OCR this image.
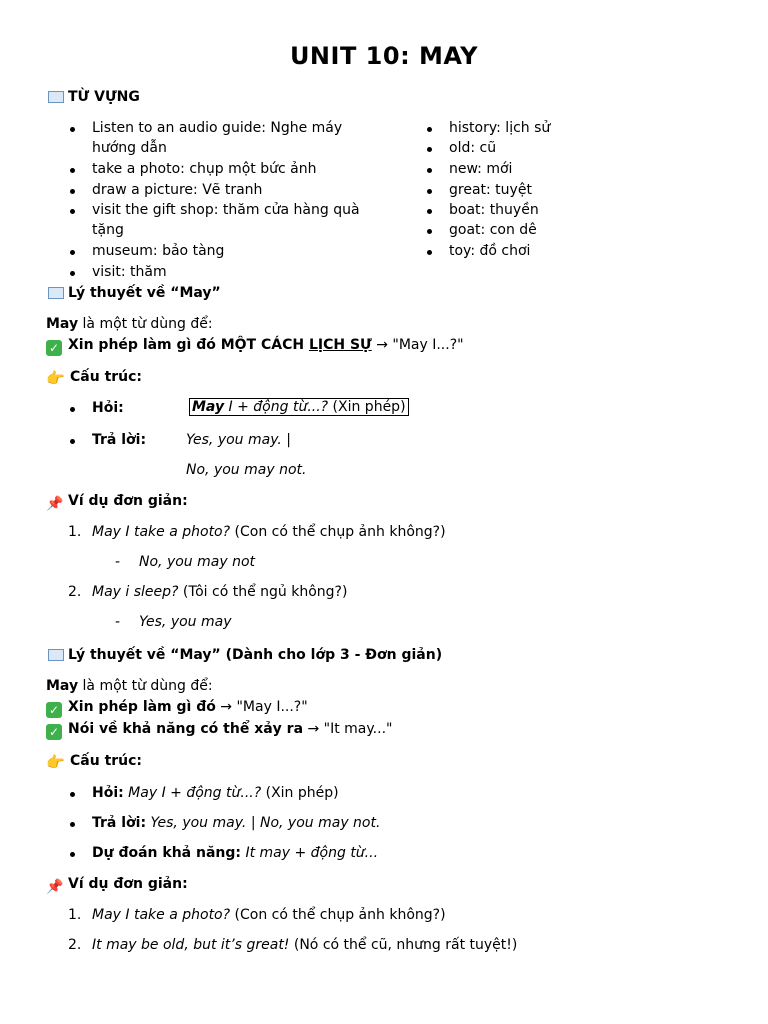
UNIT 10: MAY
TỪ VỰNG
Listen to an audio guide: Nghe máy
hướng dẫn
take a photo: chụp một bức ảnh
draw a picture: Vẽ tranh
visit the gift shop: thăm cửa hàng quà
tặng
museum: bảo tàng
visit: thăm
history: lịch sử
old: cũ
new: mới
great: tuyệt
boat: thuyền
goat: con dê
toy: đồ chơi
Lý thuyết về “May”
May là một từ dùng để:
✓ Xin phép làm gì đó MỘT CÁCH LỊCH SỰ → "May I...?"
👉 Cấu trúc:
Hỏi:	May I + động từ...? (Xin phép)
Trả lời:	Yes, you may. |
No, you may not.
📌 Ví dụ đơn giản:
1. May I take a photo? (Con có thể chụp ảnh không?)
- No, you may not
2. May i sleep? (Tôi có thể ngủ không?)
- Yes, you may
Lý thuyết về “May” (Dành cho lớp 3 - Đơn giản)
May là một từ dùng để:
✓ Xin phép làm gì đó → "May I...?"
✓ Nói về khả năng có thể xảy ra → "It may..."
👉 Cấu trúc:
Hỏi: May I + động từ...? (Xin phép)
Trả lời: Yes, you may. | No, you may not.
Dự đoán khả năng: It may + động từ...
📌 Ví dụ đơn giản:
1. May I take a photo? (Con có thể chụp ảnh không?)
2. It may be old, but it’s great! (Nó có thể cũ, nhưng rất tuyệt!)
